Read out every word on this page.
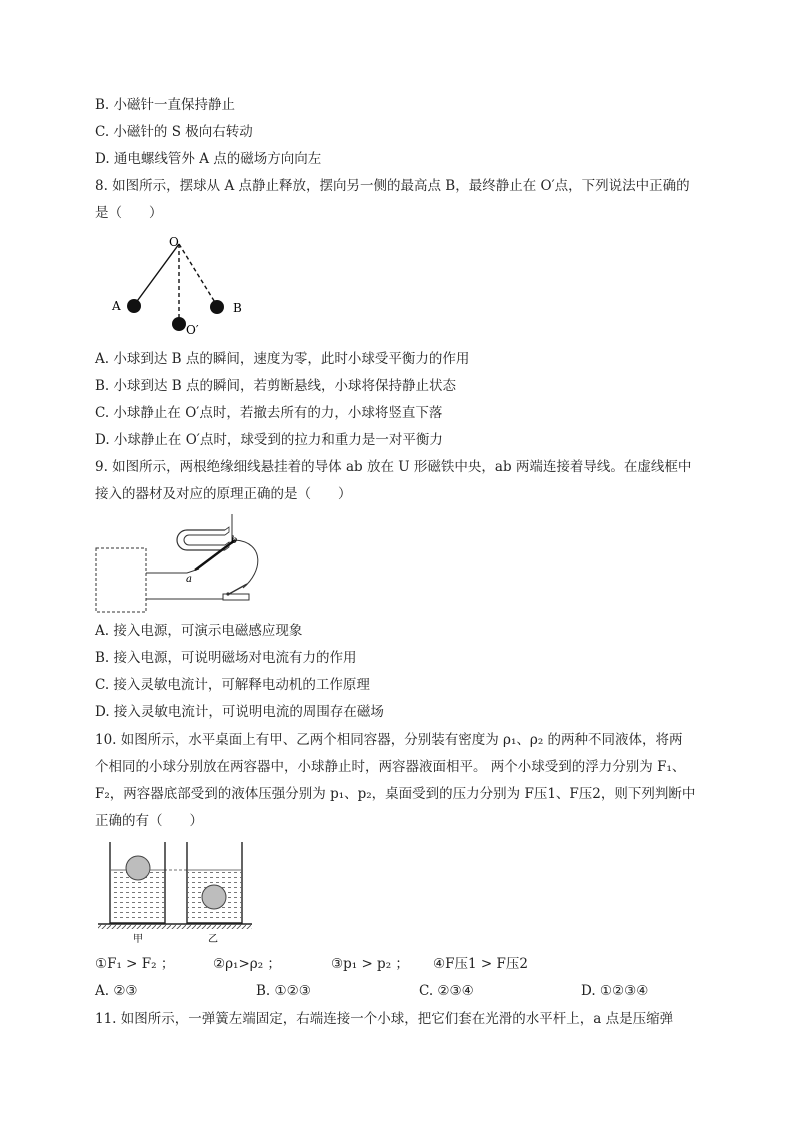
B. 小磁针一直保持静止
C. 小磁针的 S 极向右转动
D. 通电螺线管外 A 点的磁场方向向左
8. 如图所示，摆球从 A 点静止释放，摆向另一侧的最高点 B，最终静止在 O′点，下列说法中正确的
是（　　）
O
A	B
O′
A. 小球到达 B 点的瞬间，速度为零，此时小球受平衡力的作用
B. 小球到达 B 点的瞬间，若剪断悬线，小球将保持静止状态
C. 小球静止在 O′点时，若撤去所有的力，小球将竖直下落
D. 小球静止在 O′点时，球受到的拉力和重力是一对平衡力
9. 如图所示，两根绝缘细线悬挂着的导体 ab 放在 U 形磁铁中央，ab 两端连接着导线。在虚线框中
接入的器材及对应的原理正确的是（　　）
b
a
A. 接入电源，可演示电磁感应现象
B. 接入电源，可说明磁场对电流有力的作用
C. 接入灵敏电流计，可解释电动机的工作原理
D. 接入灵敏电流计，可说明电流的周围存在磁场
10. 如图所示，水平桌面上有甲、乙两个相同容器，分别装有密度为 ρ₁、ρ₂ 的两种不同液体，将两
个相同的小球分别放在两容器中，小球静止时，两容器液面相平。 两个小球受到的浮力分别为 F₁、
F₂，两容器底部受到的液体压强分别为 p₁、p₂，桌面受到的压力分别为 F压1、F压2，则下列判断中
正确的有（　　）
甲	乙
①F₁ > F₂ ；	②ρ₁>ρ₂ ；	③p₁ > p₂ ； ④F压1 > F压2
A. ②③	B. ①②③	C. ②③④	D. ①②③④
11. 如图所示，一弹簧左端固定，右端连接一个小球，把它们套在光滑的水平杆上，a 点是压缩弹
